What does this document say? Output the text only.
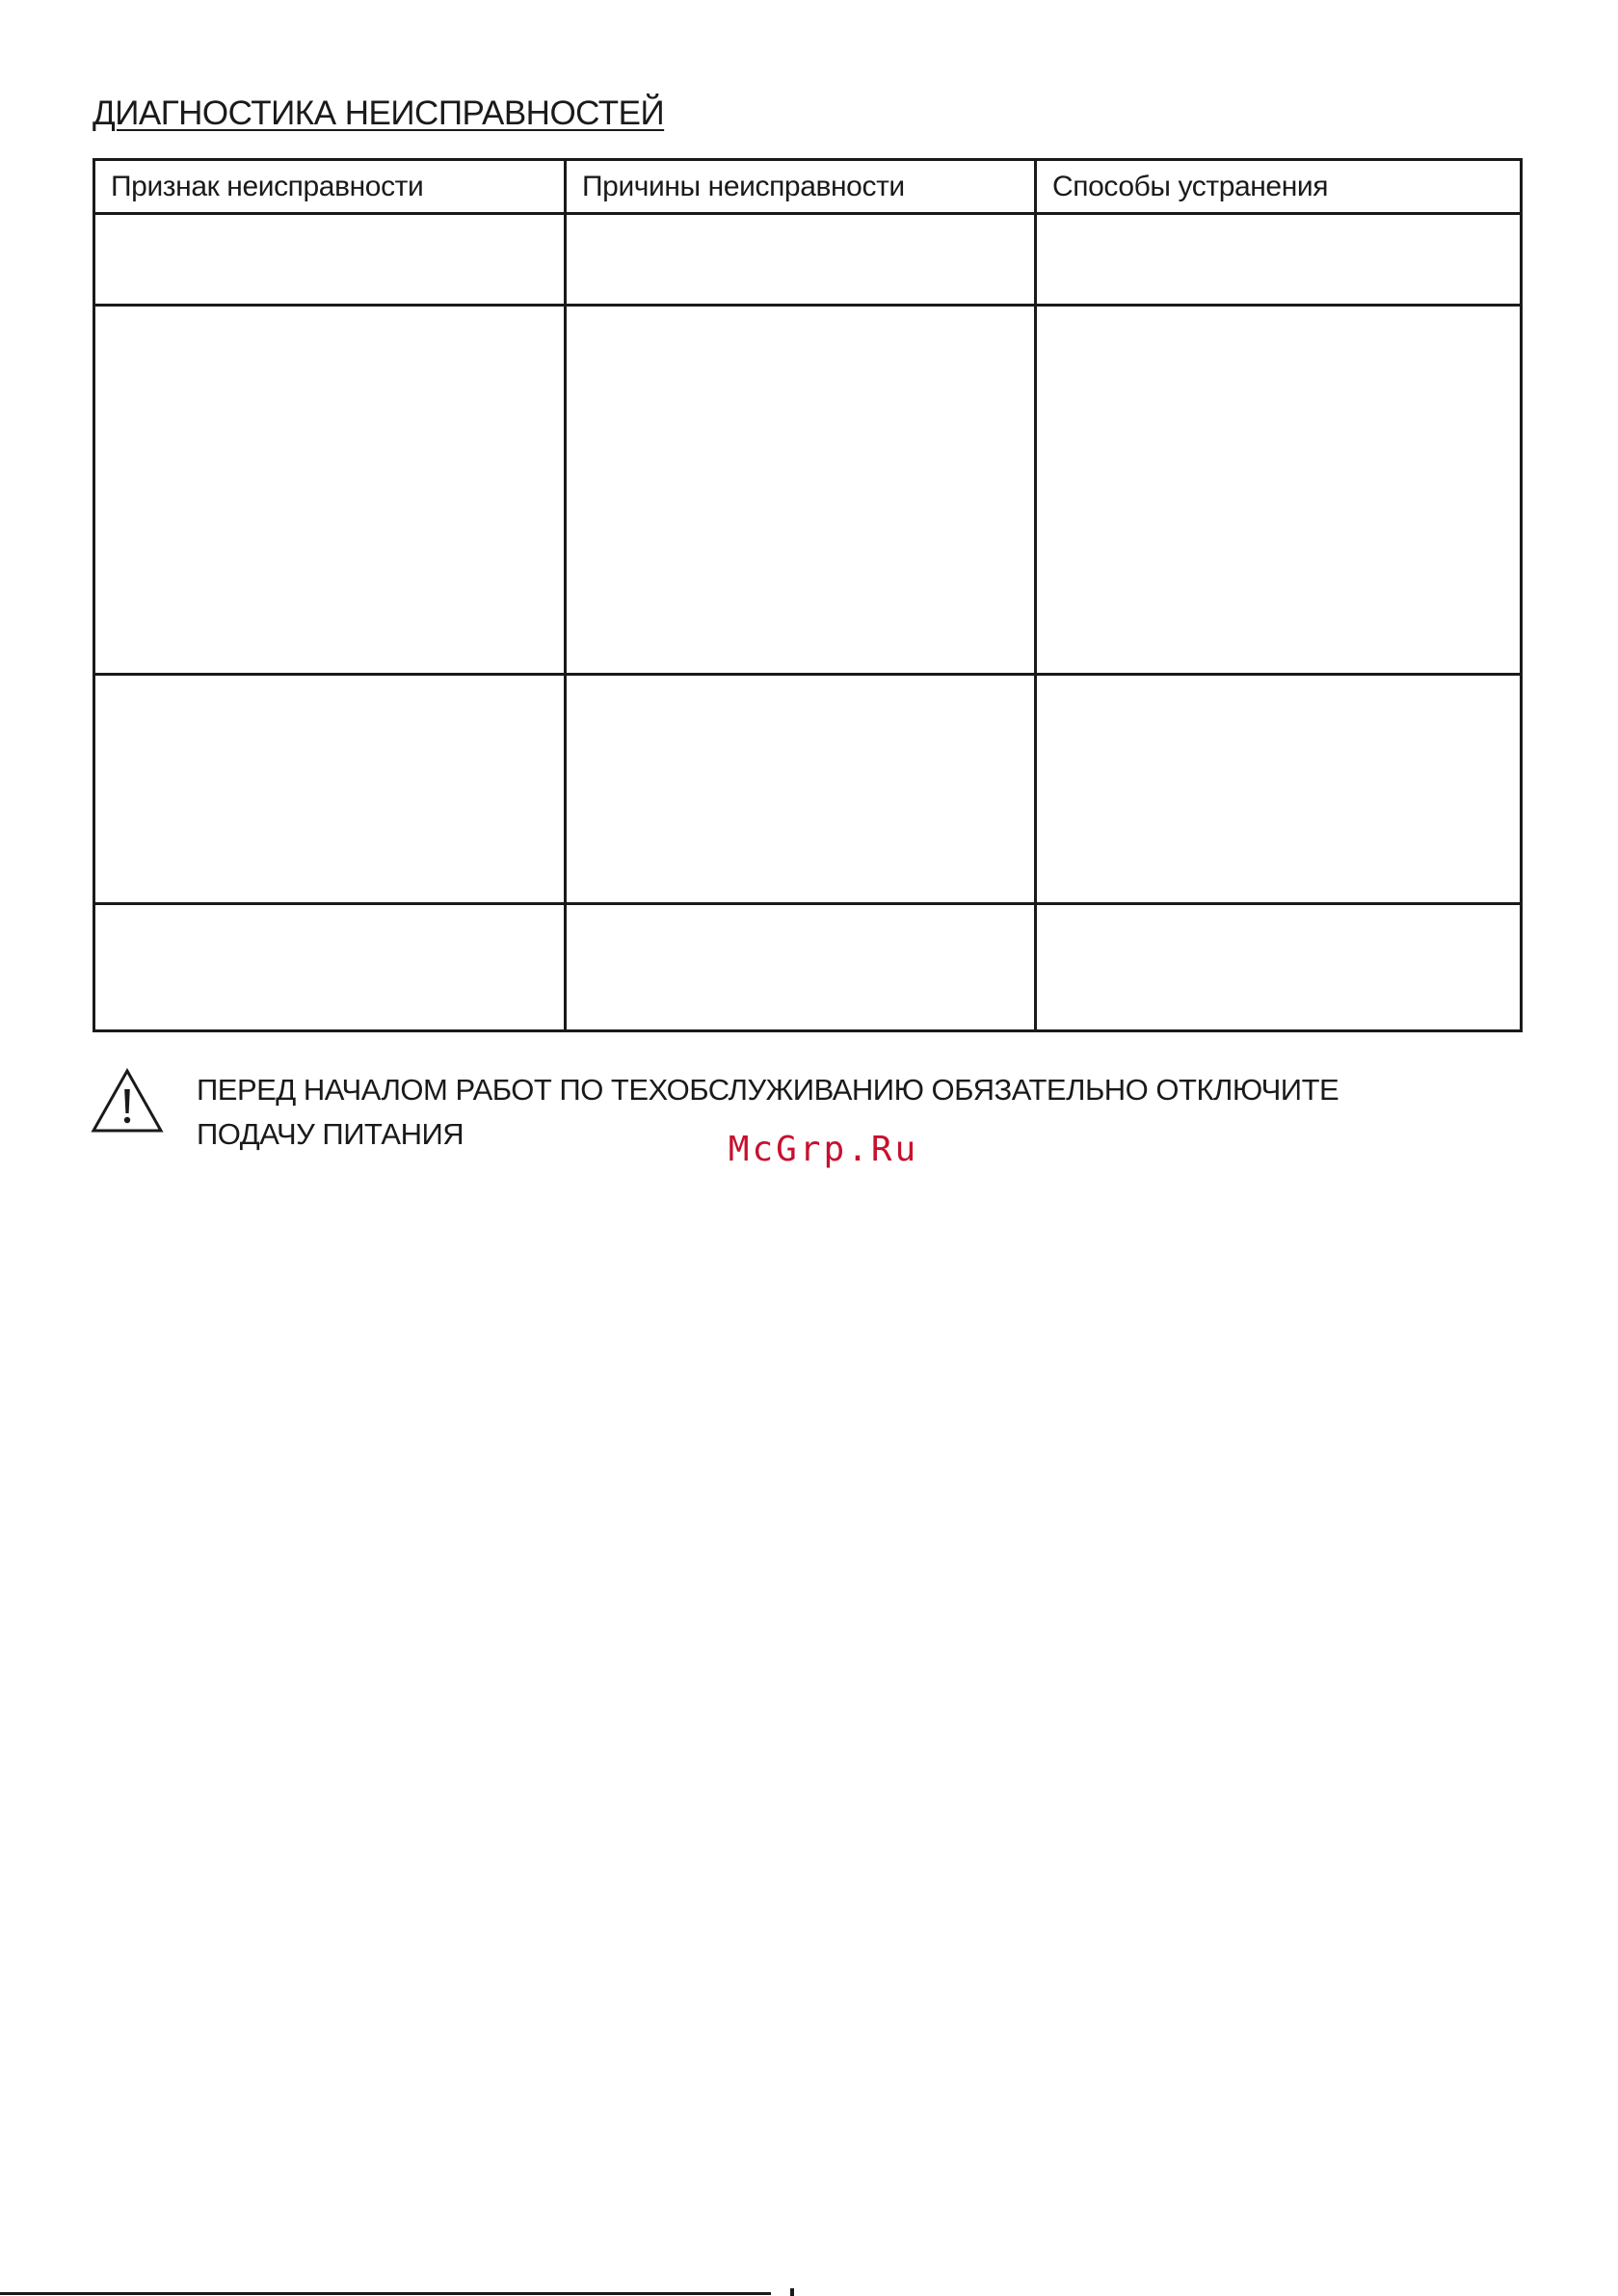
ДИАГНОСТИКА НЕИСПРАВНОСТЕЙ
Признак неисправности	Причины неисправности	Способы устранения

ПЕРЕД НАЧАЛОМ РАБОТ ПО ТЕХОБСЛУЖИВАНИЮ ОБЯЗАТЕЛЬНО ОТКЛЮЧИТЕ
ПОДАЧУ ПИТАНИЯ	McGrp.Ru
